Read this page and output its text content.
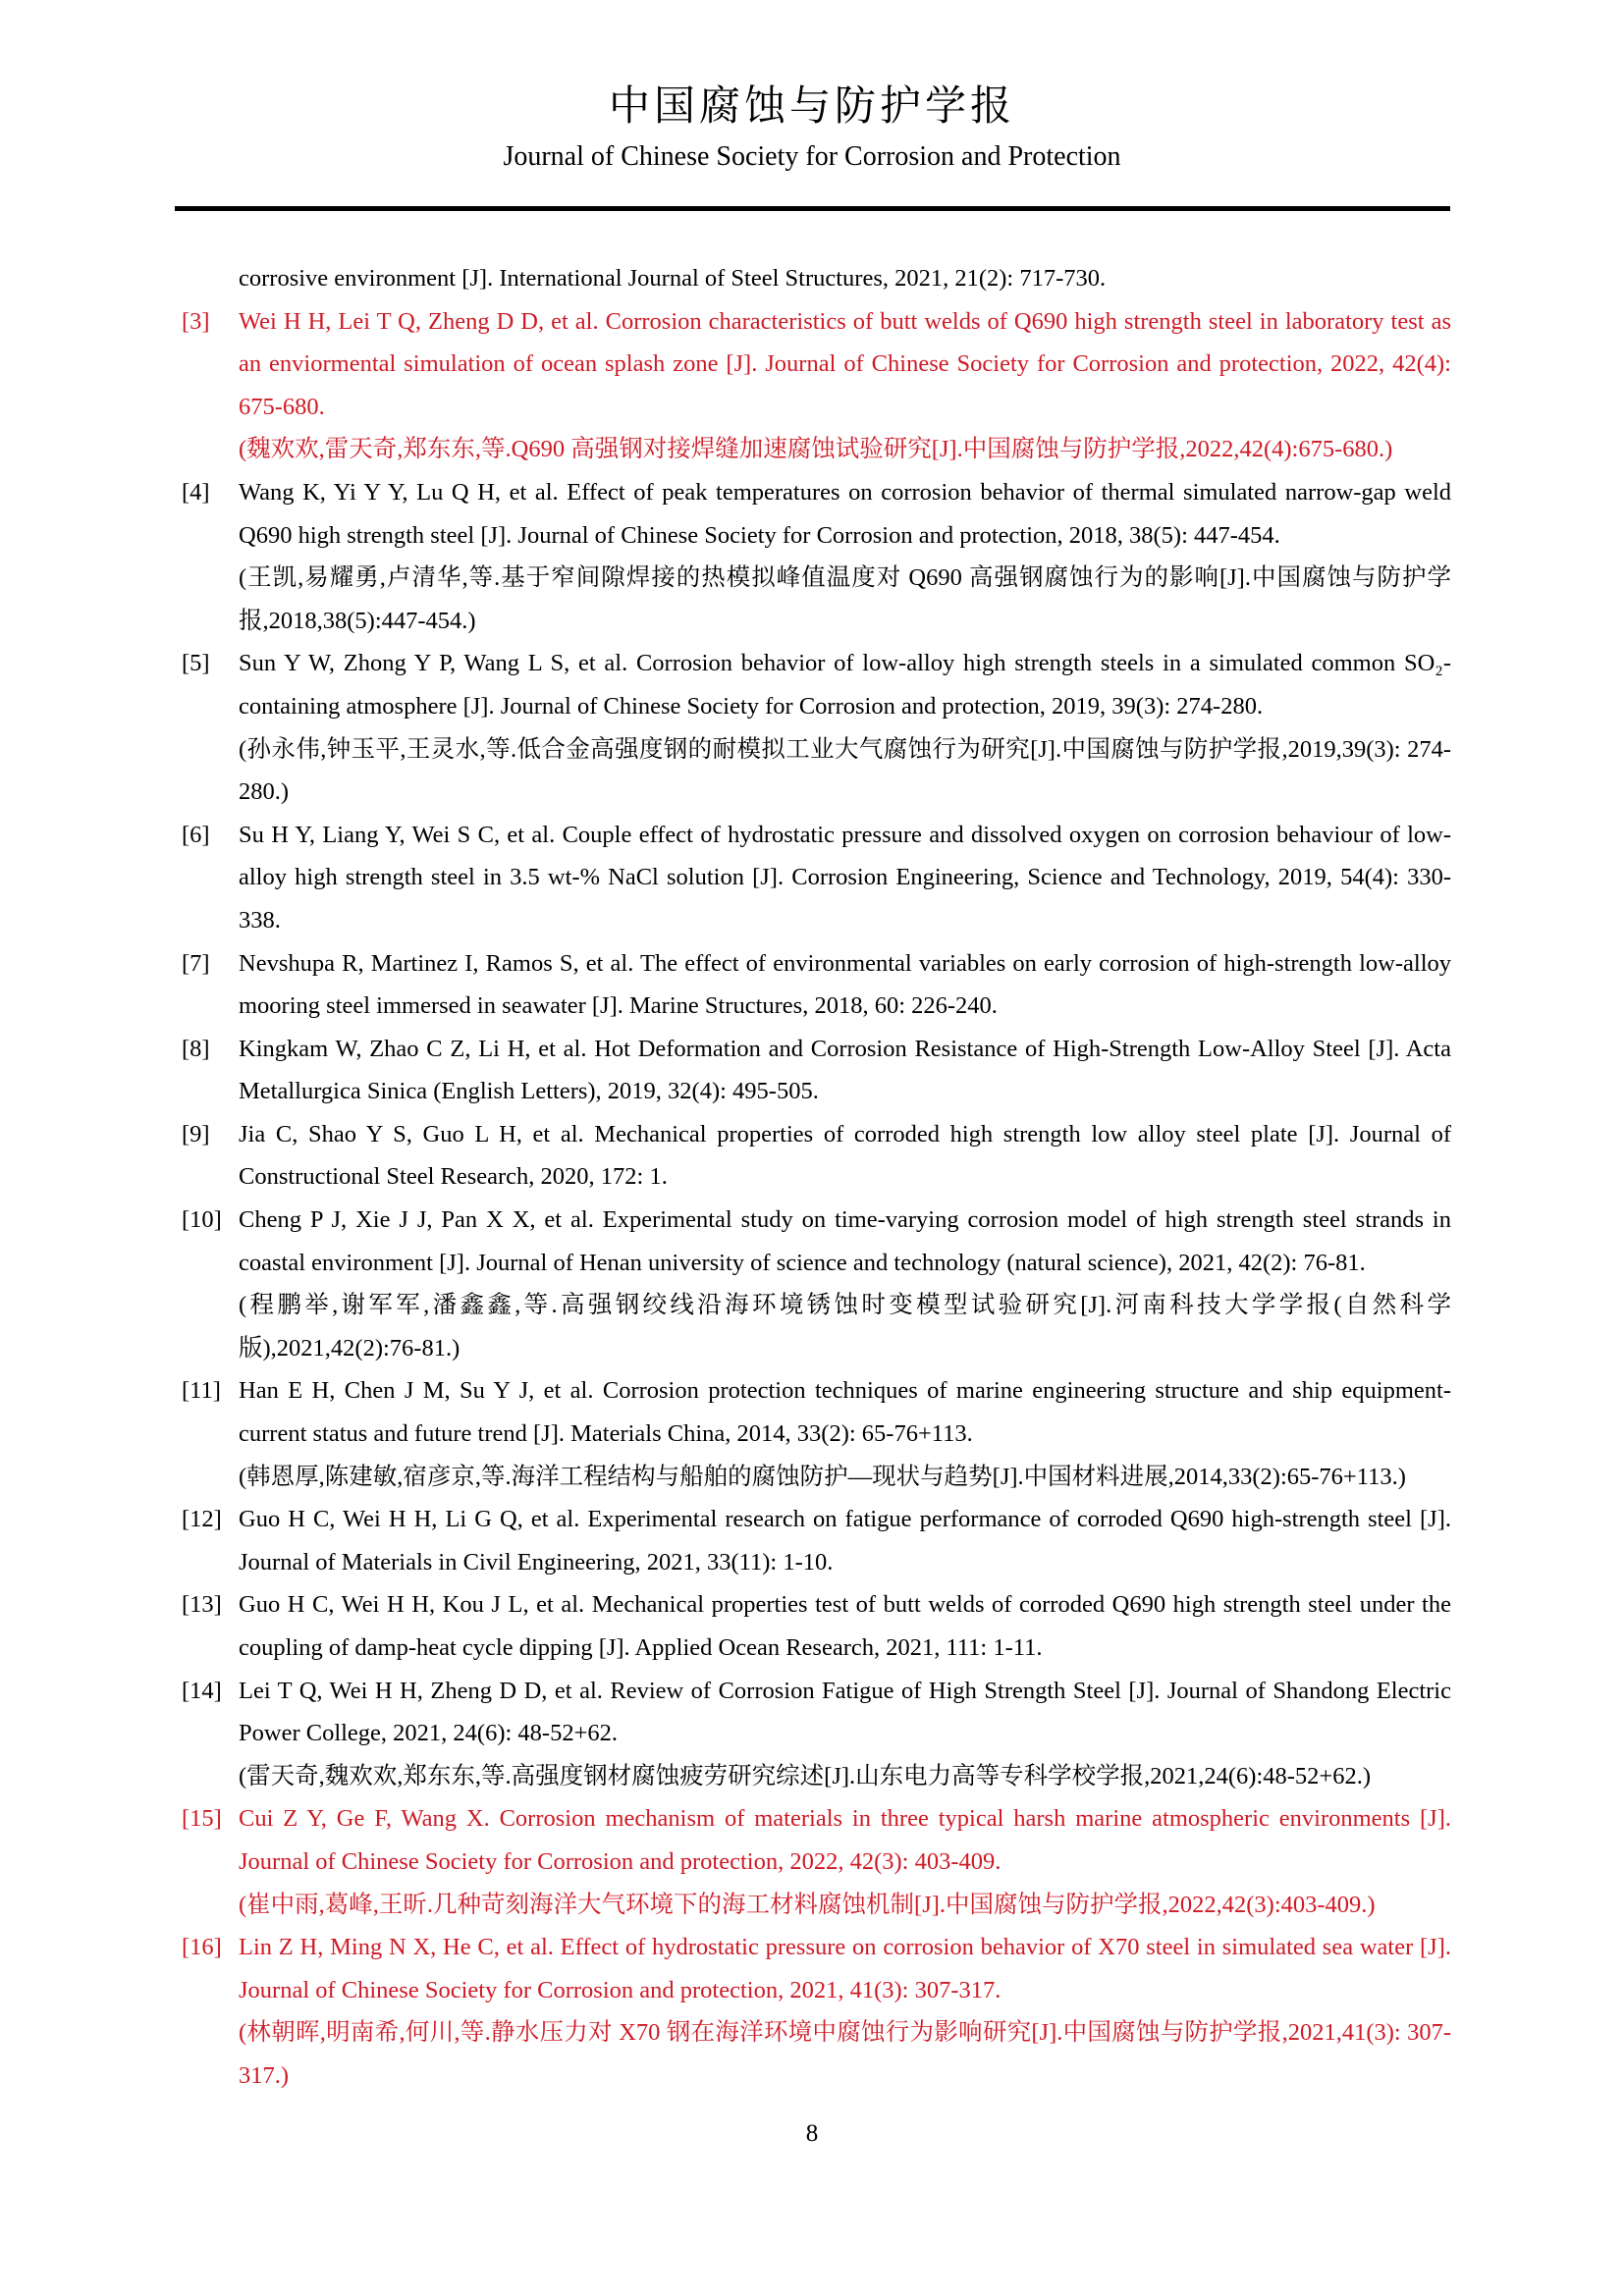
中国腐蚀与防护学报
Journal of Chinese Society for Corrosion and Protection

corrosive environment [J]. International Journal of Steel Structures, 2021, 21(2): 717-730.

[3] Wei H H, Lei T Q, Zheng D D, et al. Corrosion characteristics of butt welds of Q690 high strength steel in laboratory test as an enviormental simulation of ocean splash zone [J]. Journal of Chinese Society for Corrosion and protection, 2022, 42(4): 675-680.

(魏欢欢,雷天奇,郑东东,等.Q690 高强钢对接焊缝加速腐蚀试验研究[J].中国腐蚀与防护学报,2022,42(4):675-680.)

[4] Wang K, Yi Y Y, Lu Q H, et al. Effect of peak temperatures on corrosion behavior of thermal simulated narrow-gap weld Q690 high strength steel [J]. Journal of Chinese Society for Corrosion and protection, 2018, 38(5): 447-454.

(王凯,易耀勇,卢清华,等.基于窄间隙焊接的热模拟峰值温度对 Q690 高强钢腐蚀行为的影响[J].中国腐蚀与防护学报,2018,38(5):447-454.)

[5] Sun Y W, Zhong Y P, Wang L S, et al. Corrosion behavior of low-alloy high strength steels in a simulated common SO₂-containing atmosphere [J]. Journal of Chinese Society for Corrosion and protection, 2019, 39(3): 274-280.

(孙永伟,钟玉平,王灵水,等.低合金高强度钢的耐模拟工业大气腐蚀行为研究[J].中国腐蚀与防护学报,2019,39(3): 274-280.)

[6] Su H Y, Liang Y, Wei S C, et al. Couple effect of hydrostatic pressure and dissolved oxygen on corrosion behaviour of low-alloy high strength steel in 3.5 wt-% NaCl solution [J]. Corrosion Engineering, Science and Technology, 2019, 54(4): 330-338.

[7] Nevshupa R, Martinez I, Ramos S, et al. The effect of environmental variables on early corrosion of high-strength low-alloy mooring steel immersed in seawater [J]. Marine Structures, 2018, 60: 226-240.

[8] Kingkam W, Zhao C Z, Li H, et al. Hot Deformation and Corrosion Resistance of High-Strength Low-Alloy Steel [J]. Acta Metallurgica Sinica (English Letters), 2019, 32(4): 495-505.

[9] Jia C, Shao Y S, Guo L H, et al. Mechanical properties of corroded high strength low alloy steel plate [J]. Journal of Constructional Steel Research, 2020, 172: 1.

[10] Cheng P J, Xie J J, Pan X X, et al. Experimental study on time-varying corrosion model of high strength steel strands in coastal environment [J]. Journal of Henan university of science and technology (natural science), 2021, 42(2): 76-81.

(程鹏举,谢军军,潘鑫鑫,等.高强钢绞线沿海环境锈蚀时变模型试验研究[J].河南科技大学学报(自然科学版),2021,42(2):76-81.)

[11] Han E H, Chen J M, Su Y J, et al. Corrosion protection techniques of marine engineering structure and ship equipment-current status and future trend [J]. Materials China, 2014, 33(2): 65-76+113.

(韩恩厚,陈建敏,宿彦京,等.海洋工程结构与船舶的腐蚀防护—现状与趋势[J].中国材料进展,2014,33(2):65-76+113.)

[12] Guo H C, Wei H H, Li G Q, et al. Experimental research on fatigue performance of corroded Q690 high-strength steel [J]. Journal of Materials in Civil Engineering, 2021, 33(11): 1-10.

[13] Guo H C, Wei H H, Kou J L, et al. Mechanical properties test of butt welds of corroded Q690 high strength steel under the coupling of damp-heat cycle dipping [J]. Applied Ocean Research, 2021, 111: 1-11.

[14] Lei T Q, Wei H H, Zheng D D, et al. Review of Corrosion Fatigue of High Strength Steel [J]. Journal of Shandong Electric Power College, 2021, 24(6): 48-52+62.

(雷天奇,魏欢欢,郑东东,等.高强度钢材腐蚀疲劳研究综述[J].山东电力高等专科学校学报,2021,24(6):48-52+62.)

[15] Cui Z Y, Ge F, Wang X. Corrosion mechanism of materials in three typical harsh marine atmospheric environments [J]. Journal of Chinese Society for Corrosion and protection, 2022, 42(3): 403-409.

(崔中雨,葛峰,王昕.几种苛刻海洋大气环境下的海工材料腐蚀机制[J].中国腐蚀与防护学报,2022,42(3):403-409.)

[16] Lin Z H, Ming N X, He C, et al. Effect of hydrostatic pressure on corrosion behavior of X70 steel in simulated sea water [J]. Journal of Chinese Society for Corrosion and protection, 2021, 41(3): 307-317.

(林朝晖,明南希,何川,等.静水压力对 X70 钢在海洋环境中腐蚀行为影响研究[J].中国腐蚀与防护学报,2021,41(3): 307-317.)

8
